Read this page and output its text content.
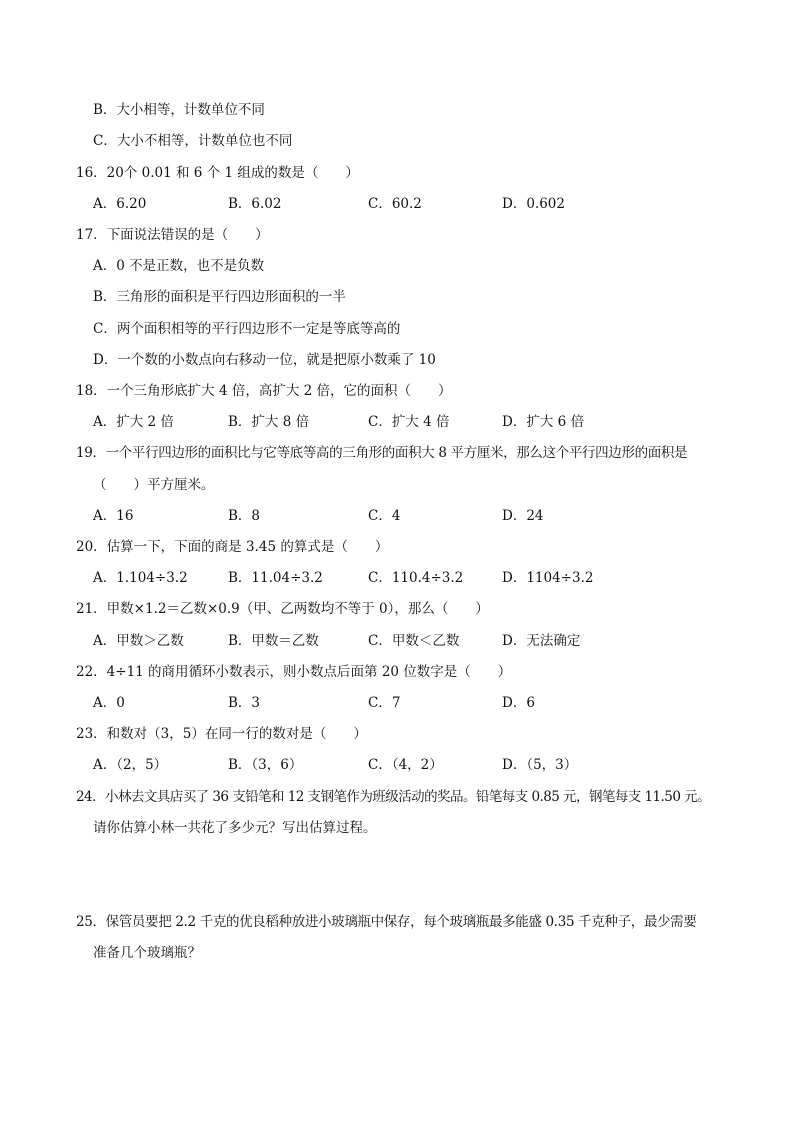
B．大小相等，计数单位不同
C．大小不相等，计数单位也不同
16．20个 0.01 和 6 个 1 组成的数是（　　）
A．6.20	B．6.02	C．60.2	D．0.602
17．下面说法错误的是（　　）
A．0 不是正数，也不是负数
B．三角形的面积是平行四边形面积的一半
C．两个面积相等的平行四边形不一定是等底等高的
D．一个数的小数点向右移动一位，就是把原小数乘了 10
18．一个三角形底扩大 4 倍，高扩大 2 倍，它的面积（　　）
A．扩大 2 倍	B．扩大 8 倍	C．扩大 4 倍	D．扩大 6 倍
19．一个平行四边形的面积比与它等底等高的三角形的面积大 8 平方厘米，那么这个平行四边形的面积是
（　　）平方厘米。
A．16	B．8	C．4	D．24
20．估算一下，下面的商是 3.45 的算式是（　　）
A．1.104÷3.2	B．11.04÷3.2	C．110.4÷3.2	D．1104÷3.2
21．甲数×1.2＝乙数×0.9（甲、乙两数均不等于 0），那么（　　）
A．甲数＞乙数	B．甲数＝乙数	C．甲数＜乙数	D．无法确定
22．4÷11 的商用循环小数表示，则小数点后面第 20 位数字是（　　）
A．0	B．3	C．7	D．6
23．和数对（3，5）在同一行的数对是（　　）
A．（2，5）	B．（3，6）	C．（4，2）	D．（5，3）
24．小林去文具店买了 36 支铅笔和 12 支钢笔作为班级活动的奖品。铅笔每支 0.85 元，钢笔每支 11.50 元。
请你估算小林一共花了多少元？写出估算过程。
25．保管员要把 2.2 千克的优良稻种放进小玻璃瓶中保存，每个玻璃瓶最多能盛 0.35 千克种子，最少需要
准备几个玻璃瓶？
